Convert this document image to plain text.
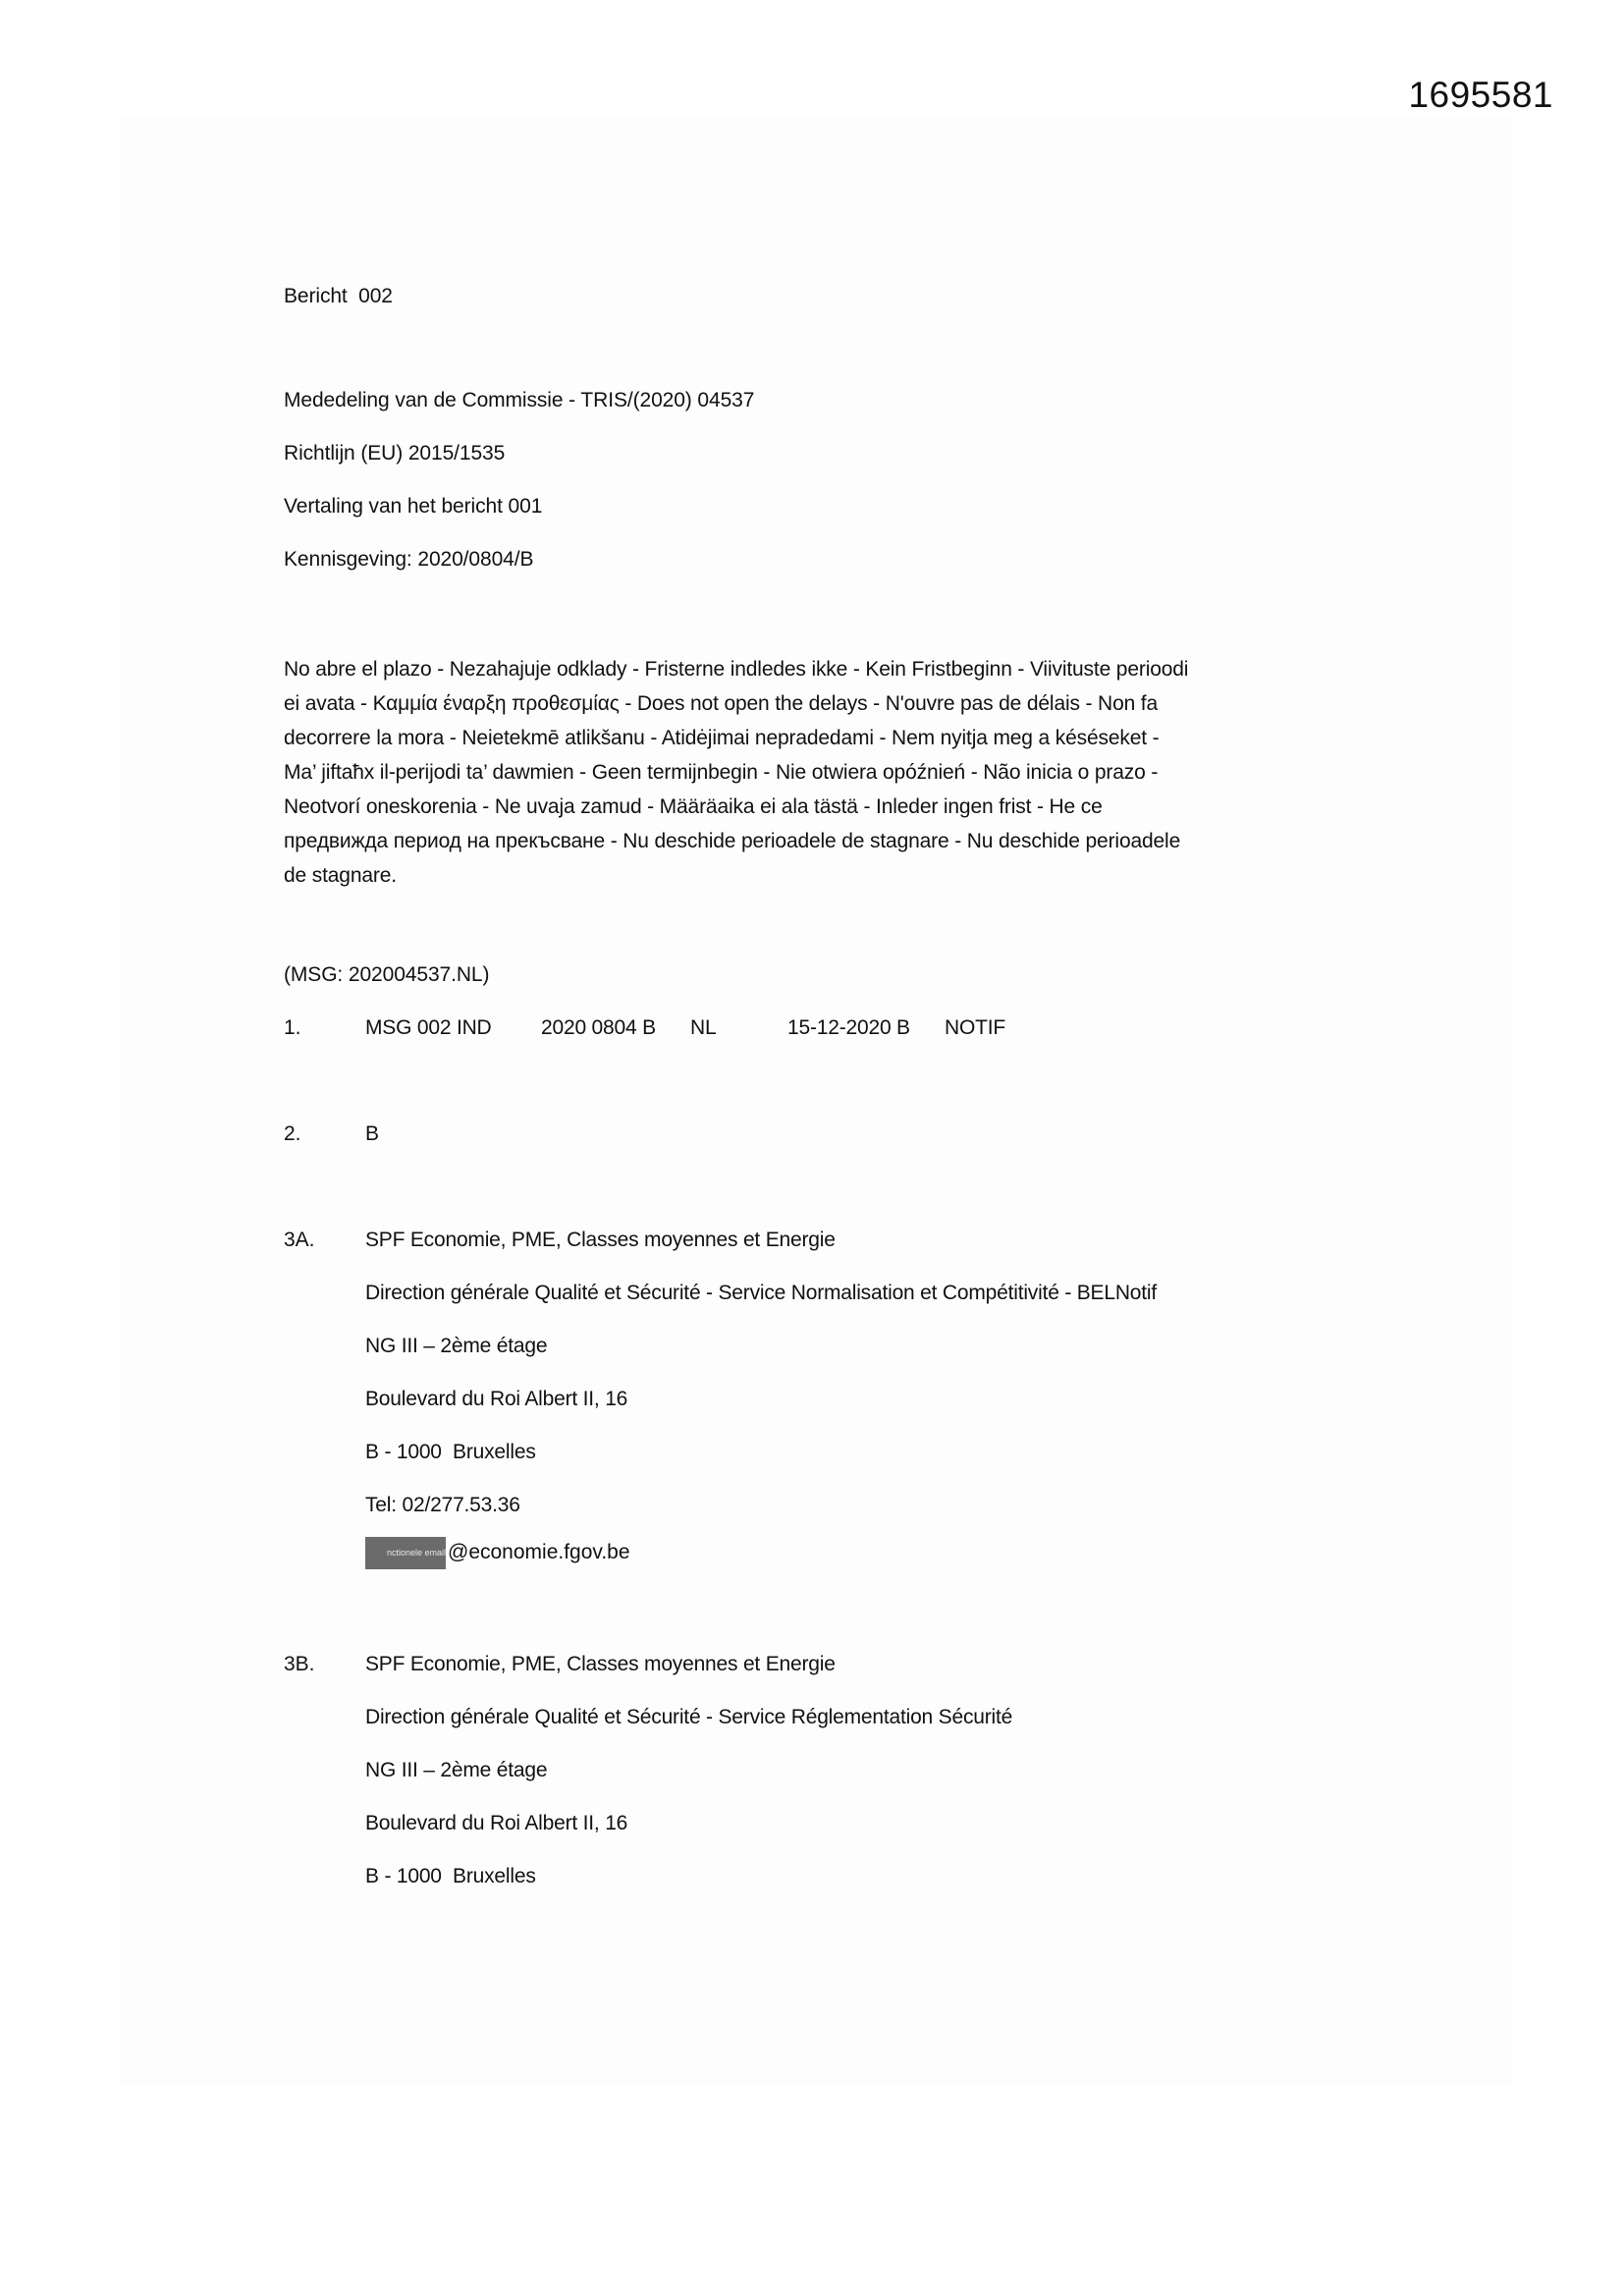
1695581
Bericht  002
Mededeling van de Commissie - TRIS/(2020) 04537
Richtlijn (EU) 2015/1535
Vertaling van het bericht 001
Kennisgeving: 2020/0804/B
No abre el plazo - Nezahajuje odklady - Fristerne indledes ikke - Kein Fristbeginn - Viivituste perioodi
ei avata - Καμμία έναρξη προθεσμίας - Does not open the delays - N'ouvre pas de délais - Non fa
decorrere la mora - Neietekmē atlikšanu - Atidėjimai nepradedami - Nem nyitja meg a késéseket -
Ma’ jiftaħx il-perijodi ta’ dawmien - Geen termijnbegin - Nie otwiera opóźnień - Não inicia o prazo -
Neotvorí oneskorenia - Ne uvaja zamud - Määräaika ei ala tästä - Inleder ingen frist - Не се
предвижда период на прекъсване - Nu deschide perioadele de stagnare - Nu deschide perioadele
de stagnare.
(MSG: 202004537.NL)
1.	MSG 002 IND 2020 0804 B NL	15-12-2020 B NOTIF
2.	B
3A. SPF Economie, PME, Classes moyennes et Energie
Direction générale Qualité et Sécurité - Service Normalisation et Compétitivité - BELNotif
NG III – 2ème étage
Boulevard du Roi Albert II, 16
B - 1000  Bruxelles
Tel: 02/277.53.36
nctionele email@economie.fgov.be
3B. SPF Economie, PME, Classes moyennes et Energie
Direction générale Qualité et Sécurité - Service Réglementation Sécurité
NG III – 2ème étage
Boulevard du Roi Albert II, 16
B - 1000  Bruxelles
